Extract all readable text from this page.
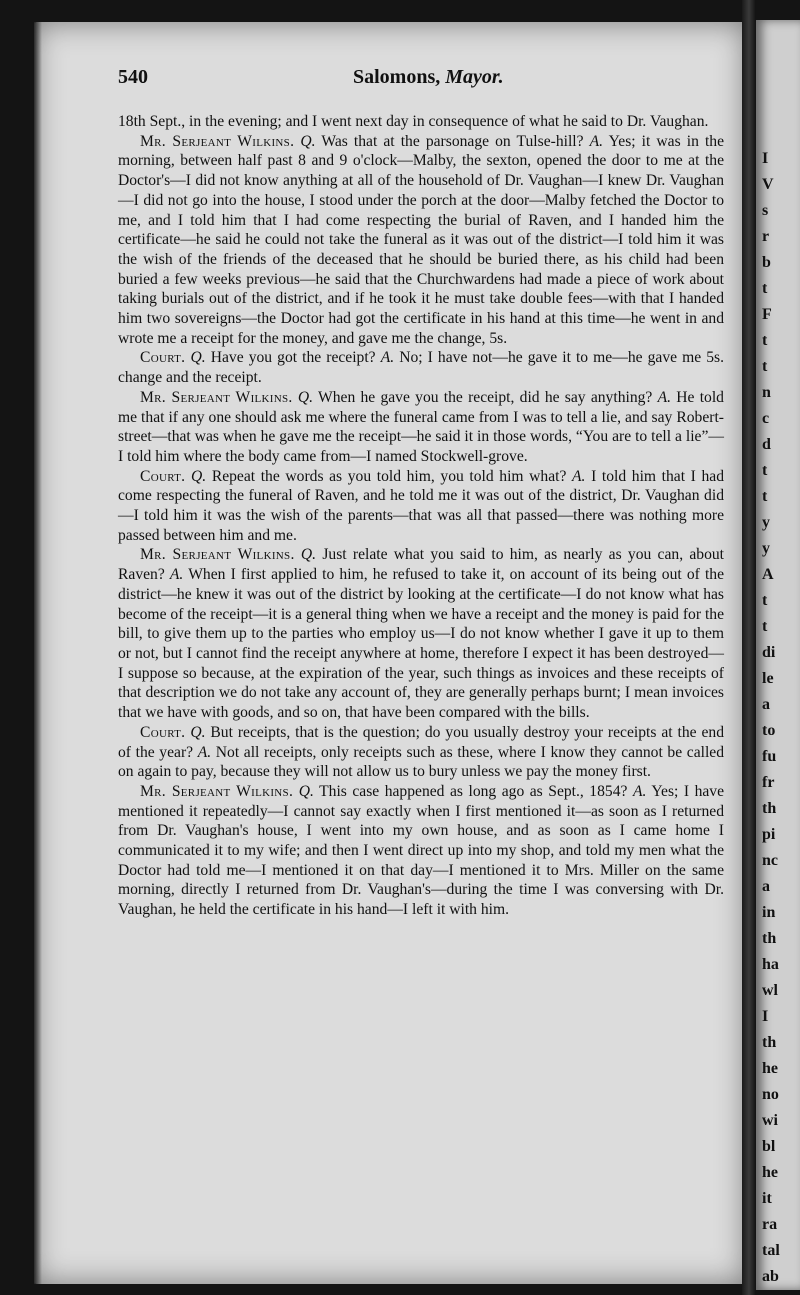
I
V
s
r
b
t
F
t
t
n
c
d
t
t
y
y
A
t
t
di
le
a
to
fu
fr
th
pi
nc
a
in
th
ha
wl
I
th
he
no
wi
bl
he
it
ra
tal
ab
540	Salomons, Mayor.

18th Sept., in the evening; and I went next day in consequence of what he said to Dr. Vaughan.

Mr. Serjeant Wilkins. Q. Was that at the parsonage on Tulse-hill? A. Yes; it was in the morning, between half past 8 and 9 o'clock—Malby, the sexton, opened the door to me at the Doctor's—I did not know anything at all of the household of Dr. Vaughan—I knew Dr. Vaughan—I did not go into the house, I stood under the porch at the door—Malby fetched the Doctor to me, and I told him that I had come respecting the burial of Raven, and I handed him the certificate—he said he could not take the funeral as it was out of the district—I told him it was the wish of the friends of the deceased that he should be buried there, as his child had been buried a few weeks previous—he said that the Churchwardens had made a piece of work about taking burials out of the district, and if he took it he must take double fees—with that I handed him two sovereigns—the Doctor had got the certificate in his hand at this time—he went in and wrote me a receipt for the money, and gave me the change, 5s.

Court. Q. Have you got the receipt? A. No; I have not—he gave it to me—he gave me 5s. change and the receipt.

Mr. Serjeant Wilkins. Q. When he gave you the receipt, did he say anything? A. He told me that if any one should ask me where the funeral came from I was to tell a lie, and say Robert-street—that was when he gave me the receipt—he said it in those words, “You are to tell a lie”—I told him where the body came from—I named Stockwell-grove.

Court. Q. Repeat the words as you told him, you told him what? A. I told him that I had come respecting the funeral of Raven, and he told me it was out of the district, Dr. Vaughan did—I told him it was the wish of the parents—that was all that passed—there was nothing more passed between him and me.

Mr. Serjeant Wilkins. Q. Just relate what you said to him, as nearly as you can, about Raven? A. When I first applied to him, he refused to take it, on account of its being out of the district—he knew it was out of the district by looking at the certificate—I do not know what has become of the receipt—it is a general thing when we have a receipt and the money is paid for the bill, to give them up to the parties who employ us—I do not know whether I gave it up to them or not, but I cannot find the receipt anywhere at home, therefore I expect it has been destroyed—I suppose so because, at the expiration of the year, such things as invoices and these receipts of that description we do not take any account of, they are generally perhaps burnt; I mean invoices that we have with goods, and so on, that have been compared with the bills.

Court. Q. But receipts, that is the question; do you usually destroy your receipts at the end of the year? A. Not all receipts, only receipts such as these, where I know they cannot be called on again to pay, because they will not allow us to bury unless we pay the money first.

Mr. Serjeant Wilkins. Q. This case happened as long ago as Sept., 1854? A. Yes; I have mentioned it repeatedly—I cannot say exactly when I first mentioned it—as soon as I returned from Dr. Vaughan's house, I went into my own house, and as soon as I came home I communicated it to my wife; and then I went direct up into my shop, and told my men what the Doctor had told me—I mentioned it on that day—I mentioned it to Mrs. Miller on the same morning, directly I returned from Dr. Vaughan's—during the time I was conversing with Dr. Vaughan, he held the certificate in his hand—I left it with him.
